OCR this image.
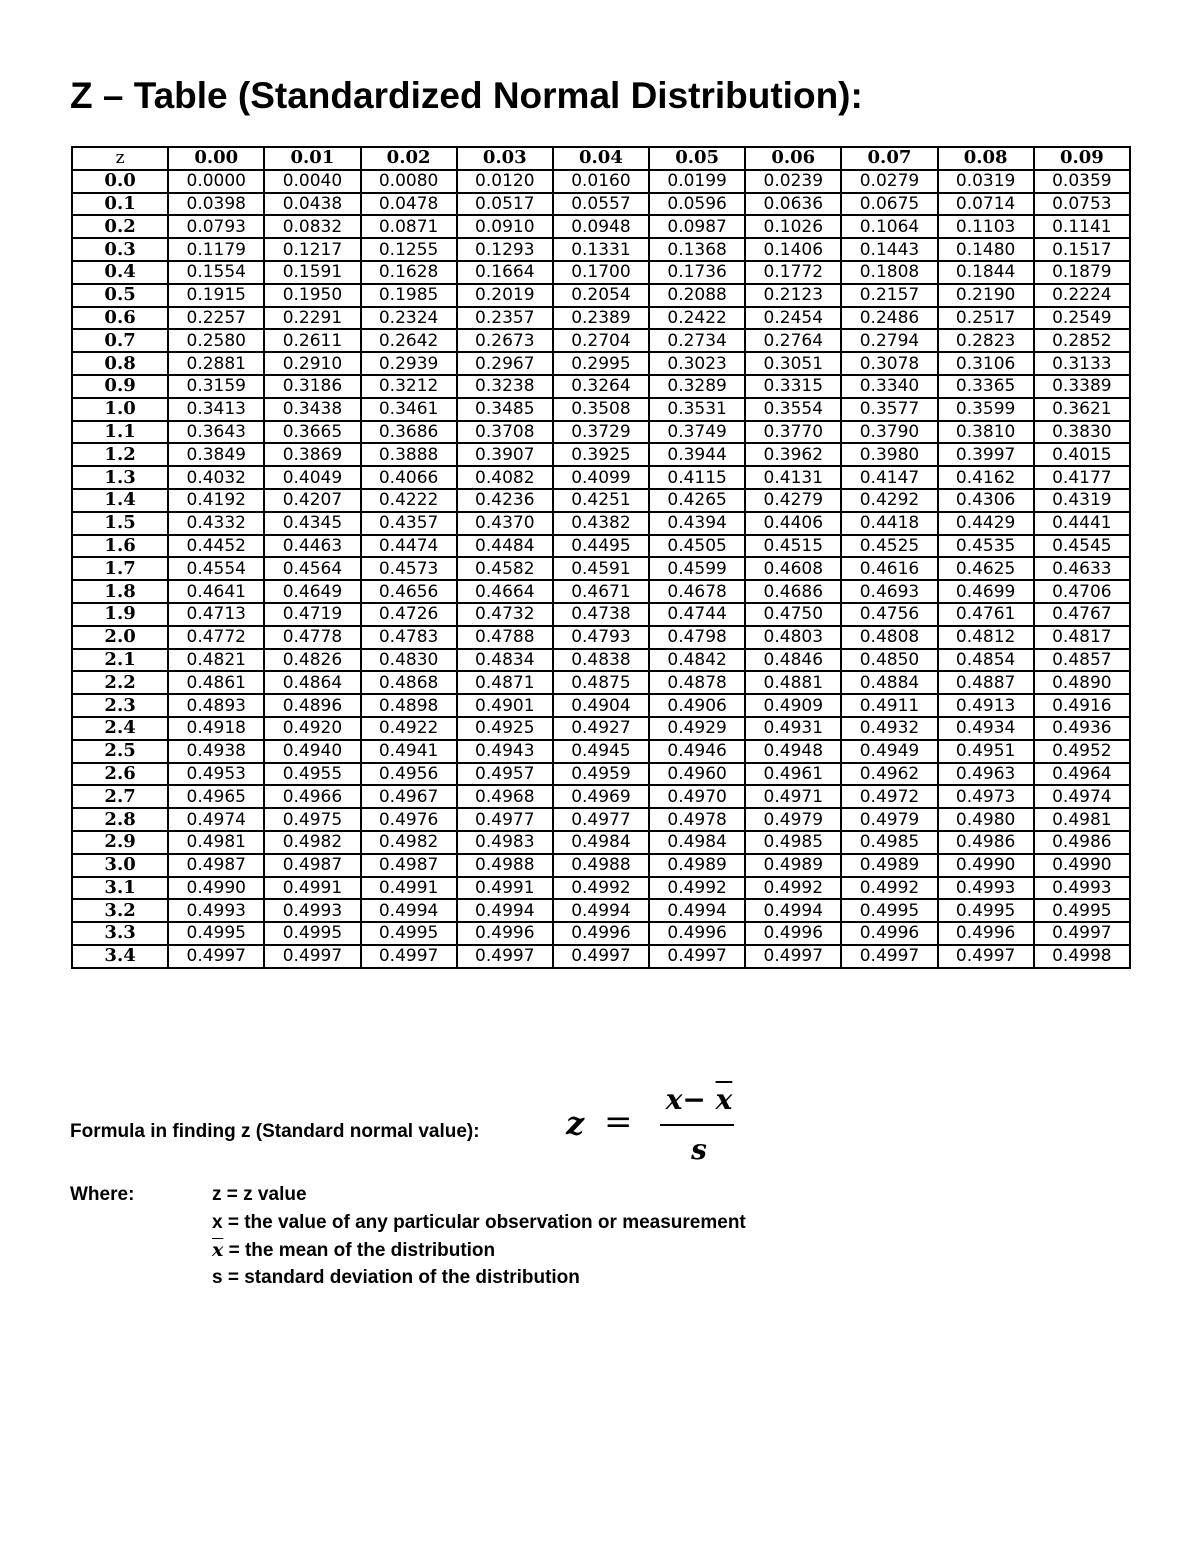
Z – Table (Standardized Normal Distribution):
z	0.00	0.01	0.02	0.03	0.04	0.05	0.06	0.07	0.08	0.09
0.0	0.0000	0.0040	0.0080	0.0120	0.0160	0.0199	0.0239	0.0279	0.0319	0.0359
0.1	0.0398	0.0438	0.0478	0.0517	0.0557	0.0596	0.0636	0.0675	0.0714	0.0753
0.2	0.0793	0.0832	0.0871	0.0910	0.0948	0.0987	0.1026	0.1064	0.1103	0.1141
0.3	0.1179	0.1217	0.1255	0.1293	0.1331	0.1368	0.1406	0.1443	0.1480	0.1517
0.4	0.1554	0.1591	0.1628	0.1664	0.1700	0.1736	0.1772	0.1808	0.1844	0.1879
0.5	0.1915	0.1950	0.1985	0.2019	0.2054	0.2088	0.2123	0.2157	0.2190	0.2224
0.6	0.2257	0.2291	0.2324	0.2357	0.2389	0.2422	0.2454	0.2486	0.2517	0.2549
0.7	0.2580	0.2611	0.2642	0.2673	0.2704	0.2734	0.2764	0.2794	0.2823	0.2852
0.8	0.2881	0.2910	0.2939	0.2967	0.2995	0.3023	0.3051	0.3078	0.3106	0.3133
0.9	0.3159	0.3186	0.3212	0.3238	0.3264	0.3289	0.3315	0.3340	0.3365	0.3389
1.0	0.3413	0.3438	0.3461	0.3485	0.3508	0.3531	0.3554	0.3577	0.3599	0.3621
1.1	0.3643	0.3665	0.3686	0.3708	0.3729	0.3749	0.3770	0.3790	0.3810	0.3830
1.2	0.3849	0.3869	0.3888	0.3907	0.3925	0.3944	0.3962	0.3980	0.3997	0.4015
1.3	0.4032	0.4049	0.4066	0.4082	0.4099	0.4115	0.4131	0.4147	0.4162	0.4177
1.4	0.4192	0.4207	0.4222	0.4236	0.4251	0.4265	0.4279	0.4292	0.4306	0.4319
1.5	0.4332	0.4345	0.4357	0.4370	0.4382	0.4394	0.4406	0.4418	0.4429	0.4441
1.6	0.4452	0.4463	0.4474	0.4484	0.4495	0.4505	0.4515	0.4525	0.4535	0.4545
1.7	0.4554	0.4564	0.4573	0.4582	0.4591	0.4599	0.4608	0.4616	0.4625	0.4633
1.8	0.4641	0.4649	0.4656	0.4664	0.4671	0.4678	0.4686	0.4693	0.4699	0.4706
1.9	0.4713	0.4719	0.4726	0.4732	0.4738	0.4744	0.4750	0.4756	0.4761	0.4767
2.0	0.4772	0.4778	0.4783	0.4788	0.4793	0.4798	0.4803	0.4808	0.4812	0.4817
2.1	0.4821	0.4826	0.4830	0.4834	0.4838	0.4842	0.4846	0.4850	0.4854	0.4857
2.2	0.4861	0.4864	0.4868	0.4871	0.4875	0.4878	0.4881	0.4884	0.4887	0.4890
2.3	0.4893	0.4896	0.4898	0.4901	0.4904	0.4906	0.4909	0.4911	0.4913	0.4916
2.4	0.4918	0.4920	0.4922	0.4925	0.4927	0.4929	0.4931	0.4932	0.4934	0.4936
2.5	0.4938	0.4940	0.4941	0.4943	0.4945	0.4946	0.4948	0.4949	0.4951	0.4952
2.6	0.4953	0.4955	0.4956	0.4957	0.4959	0.4960	0.4961	0.4962	0.4963	0.4964
2.7	0.4965	0.4966	0.4967	0.4968	0.4969	0.4970	0.4971	0.4972	0.4973	0.4974
2.8	0.4974	0.4975	0.4976	0.4977	0.4977	0.4978	0.4979	0.4979	0.4980	0.4981
2.9	0.4981	0.4982	0.4982	0.4983	0.4984	0.4984	0.4985	0.4985	0.4986	0.4986
3.0	0.4987	0.4987	0.4987	0.4988	0.4988	0.4989	0.4989	0.4989	0.4990	0.4990
3.1	0.4990	0.4991	0.4991	0.4991	0.4992	0.4992	0.4992	0.4992	0.4993	0.4993
3.2	0.4993	0.4993	0.4994	0.4994	0.4994	0.4994	0.4994	0.4995	0.4995	0.4995
3.3	0.4995	0.4995	0.4995	0.4996	0.4996	0.4996	0.4996	0.4996	0.4996	0.4997
3.4	0.4997	0.4997	0.4997	0.4997	0.4997	0.4997	0.4997	0.4997	0.4997	0.4998
Formula in finding z (Standard normal value):	z =
$x- \overline{x}$
s
Where:	z = z value
x = the value of any particular observation or measurement
$\overline{x}$ = the mean of the distribution
s = standard deviation of the distribution
